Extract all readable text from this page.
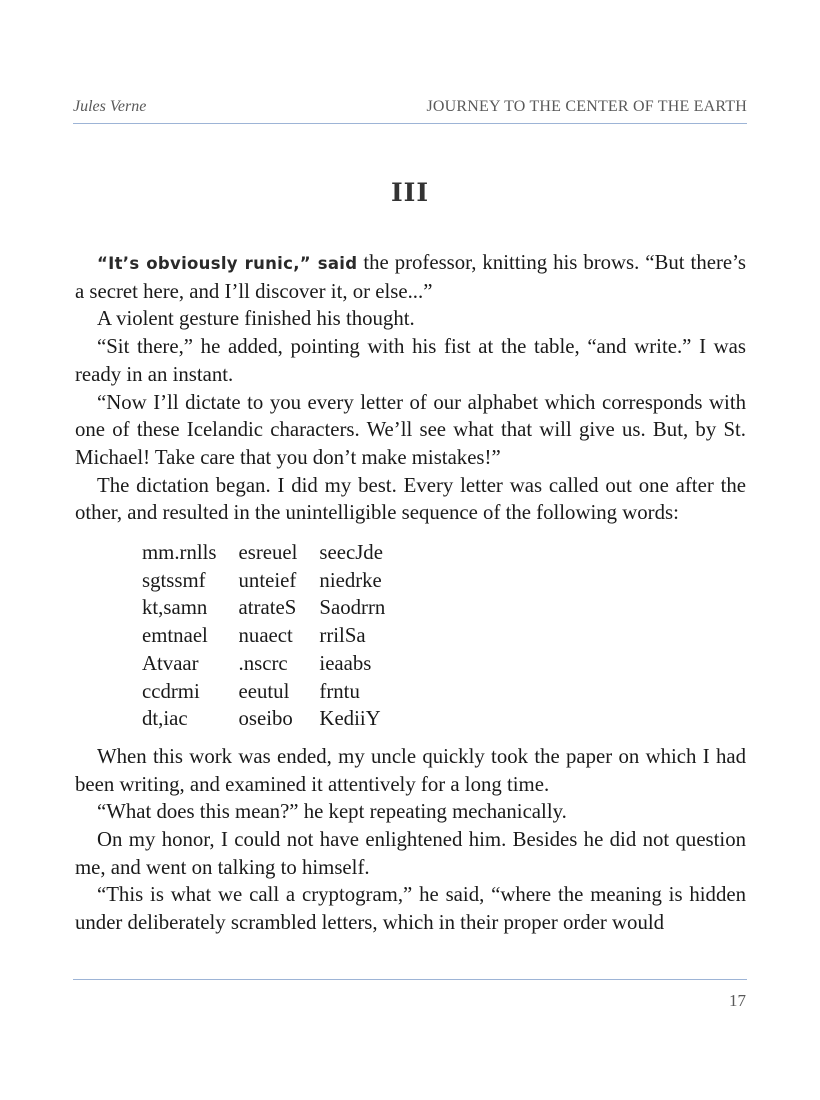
Jules Verne	JOURNEY TO THE CENTER OF THE EARTH
III

“It’s obviously runic,” said the professor, knitting his brows. “But there’s a secret here, and I’ll discover it, or else...”

A violent gesture finished his thought.

“Sit there,” he added, pointing with his fist at the table, “and write.” I was ready in an instant.

“Now I’ll dictate to you every letter of our alphabet which corresponds with one of these Icelandic characters. We’ll see what that will give us. But, by St. Michael! Take care that you don’t make mistakes!”

The dictation began. I did my best. Every letter was called out one after the other, and resulted in the unintelligible sequence of the following words:

mm.rnlls	esreuel	seecJde
sgtssmf	unteief	niedrke
kt,samn	atrateS	Saodrrn
emtnael	nuaect	rrilSa
Atvaar	.nscrc	ieaabs
ccdrmi	eeutul	frntu
dt,iac	oseibo	KediiY

When this work was ended, my uncle quickly took the paper on which I had been writing, and examined it attentively for a long time.

“What does this mean?” he kept repeating mechanically.

On my honor, I could not have enlightened him. Besides he did not question me, and went on talking to himself.

“This is what we call a cryptogram,” he said, “where the meaning is hidden under deliberately scrambled letters, which in their proper order would

17
